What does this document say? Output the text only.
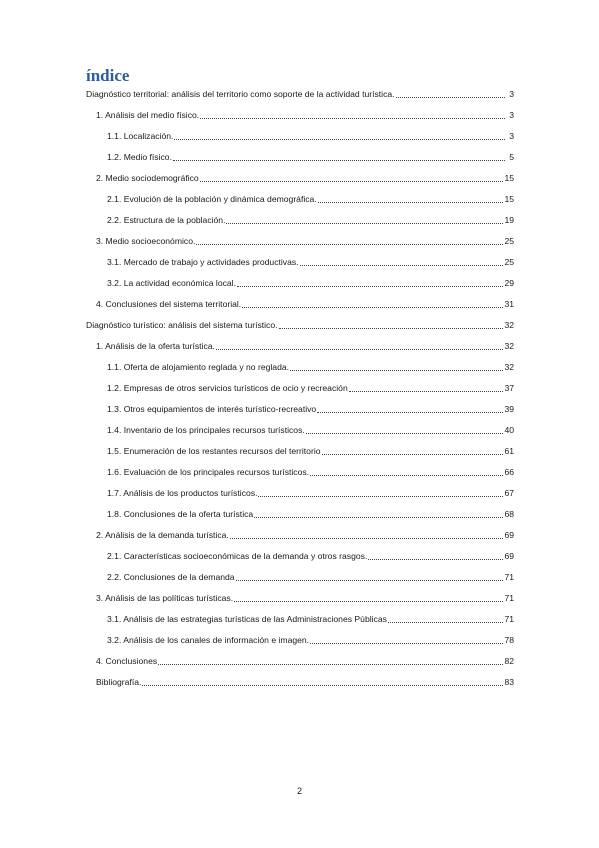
índice
Diagnóstico territorial: análisis del territorio como soporte de la actividad turística.	3
1. Análisis del medio físico.	3
1.1. Localización.	3
1.2. Medio físico.	5
2. Medio sociodemográfico	15
2.1. Evolución de la población y dinámica demográfica.	15
2.2. Estructura de la población.	19
3. Medio socioeconómico.	25
3.1. Mercado de trabajo y actividades productivas.	25
3.2. La actividad económica local.	29
4. Conclusiones del sistema territorial.	31
Diagnóstico turístico: análisis del sistema turístico.	32
1. Análisis de la oferta turística.	32
1.1. Oferta de alojamiento reglada y no reglada.	32
1.2. Empresas de otros servicios turísticos de ocio y recreación	37
1.3. Otros equipamientos de interés turístico-recreativo	39
1.4. Inventario de los principales recursos turísticos.	40
1.5. Enumeración de los restantes recursos del territorio	61
1.6. Evaluación de los principales recursos turísticos.	66
1.7. Análisis de los productos turísticos.	67
1.8. Conclusiones de la oferta turística	68
2. Análisis de la demanda turística.	69
2.1. Características socioeconómicas de la demanda y otros rasgos.	69
2.2. Conclusiones de la demanda	71
3. Análisis de las políticas turísticas.	71
3.1. Análisis de las estrategias turísticas de las Administraciones Públicas	71
3.2. Análisis de los canales de información e imagen.	78
4. Conclusiones	82
Bibliografía.	83
2
